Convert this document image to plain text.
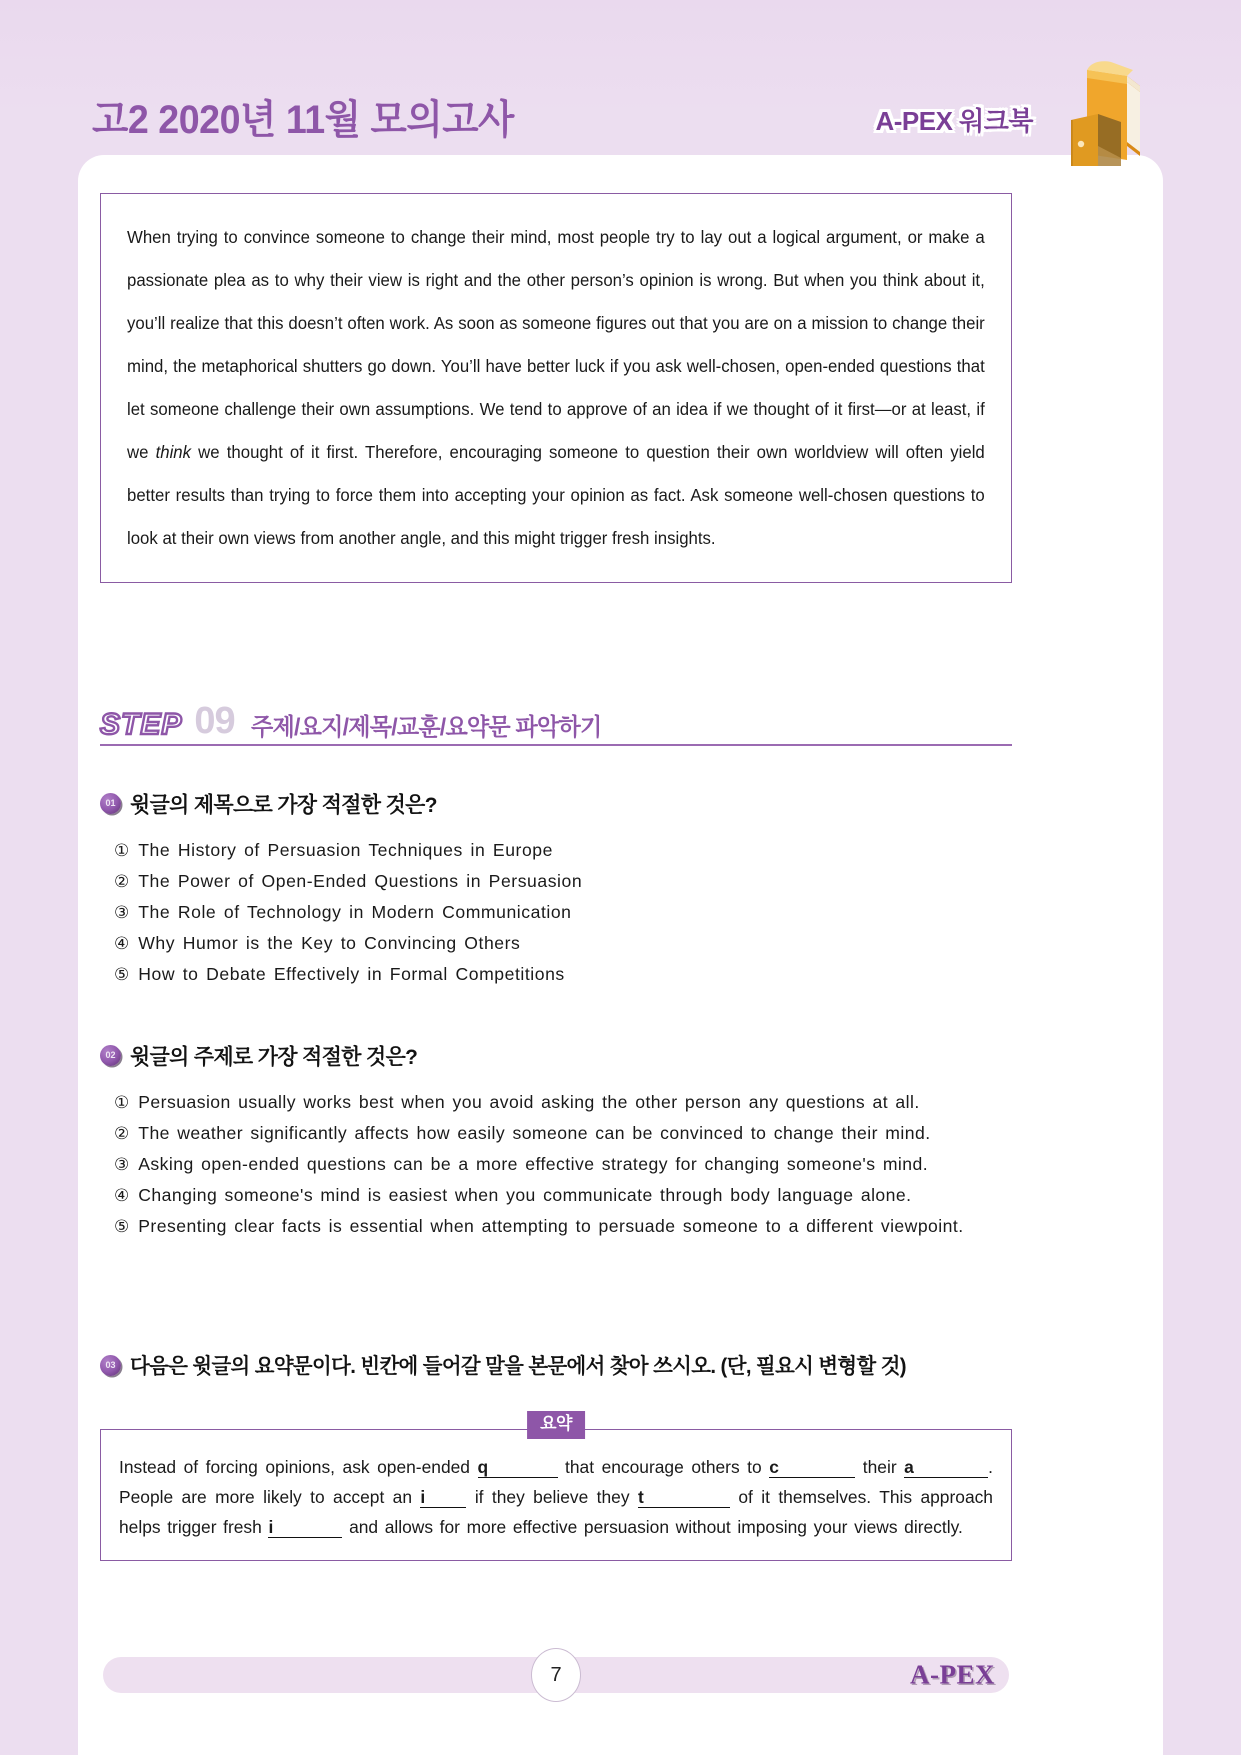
고2 2020년 11월 모의고사	A-PEX 워크북
When trying to convince someone to change their mind, most people try to lay out a logical argument, or make a passionate plea as to why their view is right and the other person’s opinion is wrong. But when you think about it, you’ll realize that this doesn’t often work. As soon as someone figures out that you are on a mission to change their mind, the metaphorical shutters go down. You’ll have better luck if you ask well-chosen, open-ended questions that let someone challenge their own assumptions. We tend to approve of an idea if we thought of it first—or at least, if we think we thought of it first. Therefore, encouraging someone to question their own worldview will often yield better results than trying to force them into accepting your opinion as fact. Ask someone well-chosen questions to look at their own views from another angle, and this might trigger fresh insights.
STEP 09 주제/요지/제목/교훈/요약문 파악하기
01 윗글의 제목으로 가장 적절한 것은?
① The History of Persuasion Techniques in Europe
② The Power of Open-Ended Questions in Persuasion
③ The Role of Technology in Modern Communication
④ Why Humor is the Key to Convincing Others
⑤ How to Debate Effectively in Formal Competitions
02 윗글의 주제로 가장 적절한 것은?
① Persuasion usually works best when you avoid asking the other person any questions at all.
② The weather significantly affects how easily someone can be convinced to change their mind.
③ Asking open-ended questions can be a more effective strategy for changing someone's mind.
④ Changing someone's mind is easiest when you communicate through body language alone.
⑤ Presenting clear facts is essential when attempting to persuade someone to a different viewpoint.
03 다음은 윗글의 요약문이다. 빈칸에 들어갈 말을 본문에서 찾아 쓰시오. (단, 필요시 변형할 것)
요약
Instead of forcing opinions, ask open-ended q	that encourage others to c	their a	. People are more likely to accept an i if they believe they t	of it themselves. This approach helps trigger fresh i	and allows for more effective persuasion without imposing your views directly.
7	A-PEX
